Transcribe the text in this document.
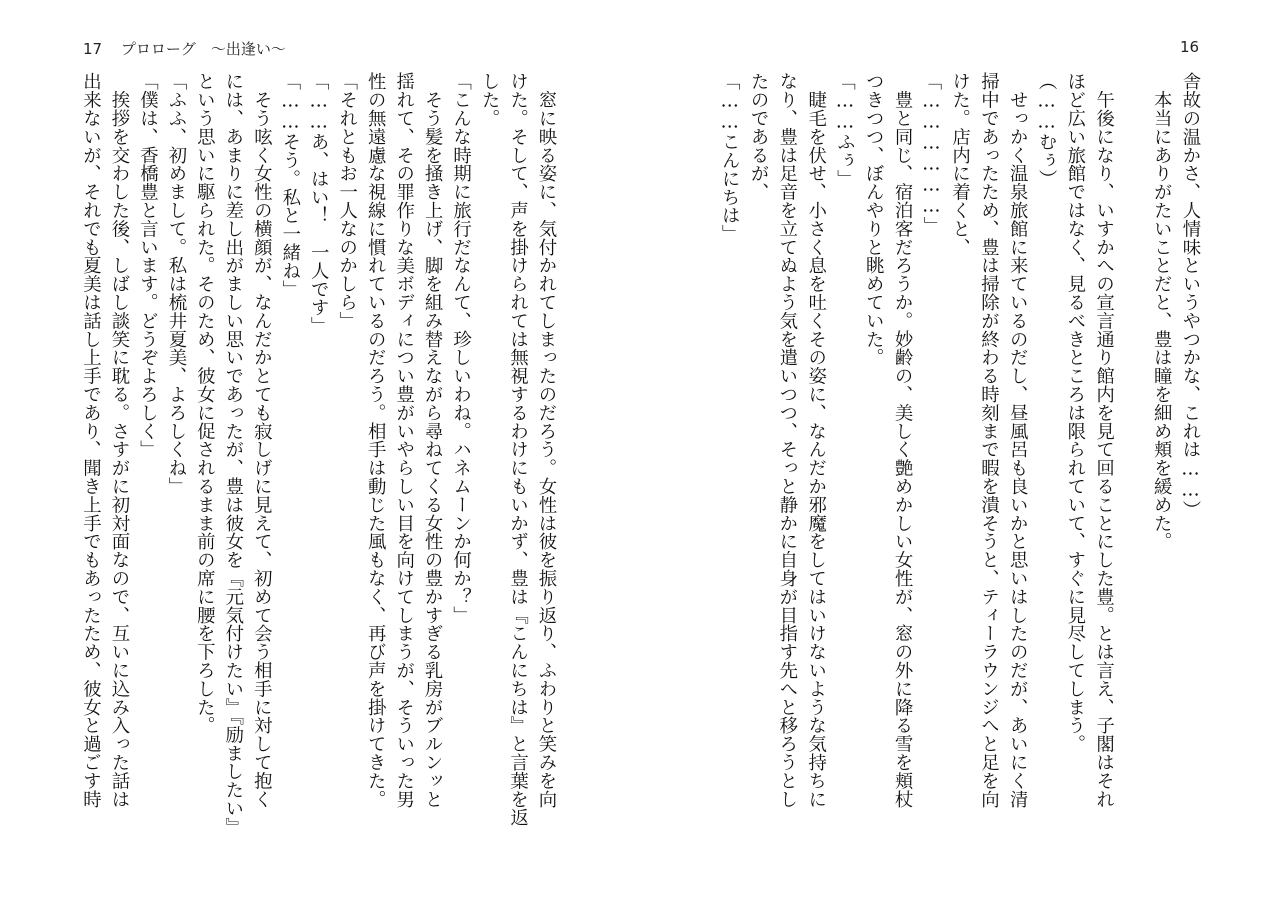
17 プロローグ　〜出逢い〜	16
舎故の温かさ、人情味というやつかな、これは……）
　本当にありがたいことだと、豊は瞳を細め頬を緩めた。
　午後になり、いすかへの宣言通り館内を見て回ることにした豊。とは言え、子閣はそれ
ほど広い旅館ではなく、見るべきところは限られていて、すぐに見尽してしまう。
（……むぅ）
　せっかく温泉旅館に来ているのだし、昼風呂も良いかと思いはしたのだが、あいにく清
掃中であったため、豊は掃除が終わる時刻まで暇を潰そうと、ティーラウンジへと足を向
けた。店内に着くと、
「………………」
　豊と同じ、宿泊客だろうか。妙齢の、美しく艶めかしい女性が、窓の外に降る雪を頬杖
つきつつ、ぼんやりと眺めていた。
「……ふぅ」
　睫毛を伏せ、小さく息を吐くその姿に、なんだか邪魔をしてはいけないような気持ちに
なり、豊は足音を立てぬよう気を遣いつつ、そっと静かに自身が目指す先へと移ろうとし
たのであるが、
「……こんにちは」
　窓に映る姿に、気付かれてしまったのだろう。女性は彼を振り返り、ふわりと笑みを向
けた。そして、声を掛けられては無視するわけにもいかず、豊は『こんにちは』と言葉を返
した。
「こんな時期に旅行だなんて、珍しいわね。ハネムーンか何か？」
　そう髪を掻き上げ、脚を組み替えながら尋ねてくる女性の豊かすぎる乳房がブルンッと
揺れて、その罪作りな美ボディについ豊がいやらしい目を向けてしまうが、そういった男
性の無遠慮な視線に慣れているのだろう。相手は動じた風もなく、再び声を掛けてきた。
「それともお一人なのかしら」
「……あ、はい！　一人です」
「……そう。私と一緒ね」
　そう呟く女性の横顔が、なんだかとても寂しげに見えて、初めて会う相手に対して抱く
には、あまりに差し出がましい思いであったが、豊は彼女を『元気付けたい』『励ましたい』
という思いに駆られた。そのため、彼女に促されるまま前の席に腰を下ろした。
「ふふ、初めまして。私は梳井夏美、よろしくね」
「僕は、香橋豊と言います。どうぞよろしく」
　挨拶を交わした後、しばし談笑に耽る。さすがに初対面なので、互いに込み入った話は
出来ないが、それでも夏美は話し上手であり、聞き上手でもあったため、彼女と過ごす時
